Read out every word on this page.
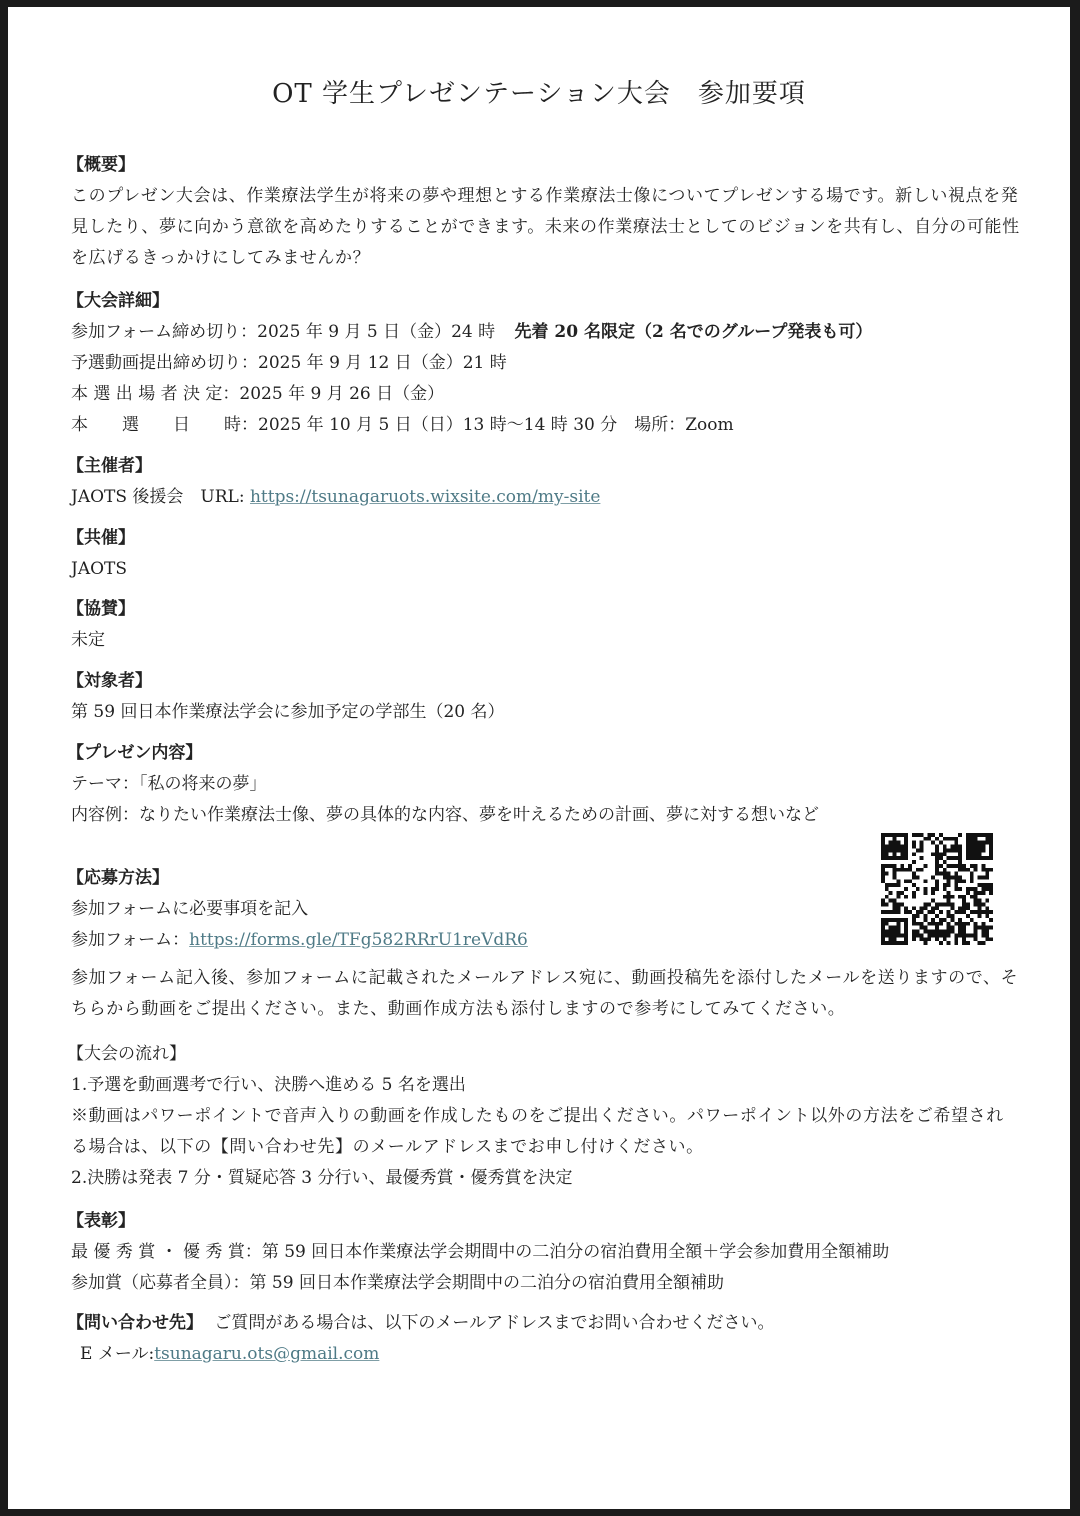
OT 学生プレゼンテーション大会　参加要項
【概要】
このプレゼン大会は、作業療法学生が将来の夢や理想とする作業療法士像についてプレゼンする場です。新しい視点を発見したり、夢に向かう意欲を高めたりすることができます。未来の作業療法士としてのビジョンを共有し、自分の可能性を広げるきっかけにしてみませんか？
【大会詳細】
参加フォーム締め切り：2025 年 9 月 5 日（金）24 時 先着 20 名限定（2 名でのグループ発表も可）
予選動画提出締め切り：2025 年 9 月 12 日（金）21 時
本 選 出 場 者 決 定：2025 年 9 月 26 日（金）
本　　選　　日　　時：2025 年 10 月 5 日（日）13 時〜14 時 30 分　場所：Zoom
【主催者】
JAOTS 後援会　URL: https://tsunagaruots.wixsite.com/my-site
【共催】
JAOTS
【協賛】
未定
【対象者】
第 59 回日本作業療法学会に参加予定の学部生（20 名）
【プレゼン内容】
テーマ：「私の将来の夢」
内容例：なりたい作業療法士像、夢の具体的な内容、夢を叶えるための計画、夢に対する想いなど
【応募方法】
参加フォームに必要事項を記入
参加フォーム：https://forms.gle/TFg582RRrU1reVdR6
参加フォーム記入後、参加フォームに記載されたメールアドレス宛に、動画投稿先を添付したメールを送りますので、そちらから動画をご提出ください。また、動画作成方法も添付しますので参考にしてみてください。
【大会の流れ】
1.予選を動画選考で行い、決勝へ進める 5 名を選出
※動画はパワーポイントで音声入りの動画を作成したものをご提出ください。パワーポイント以外の方法をご希望される場合は、以下の【問い合わせ先】のメールアドレスまでお申し付けください。
2.決勝は発表 7 分・質疑応答 3 分行い、最優秀賞・優秀賞を決定
【表彰】
最 優 秀 賞 ・ 優 秀 賞：第 59 回日本作業療法学会期間中の二泊分の宿泊費用全額＋学会参加費用全額補助
参加賞（応募者全員）：第 59 回日本作業療法学会期間中の二泊分の宿泊費用全額補助
【問い合わせ先】 ご質問がある場合は、以下のメールアドレスまでお問い合わせください。
E メール:tsunagaru.ots@gmail.com
